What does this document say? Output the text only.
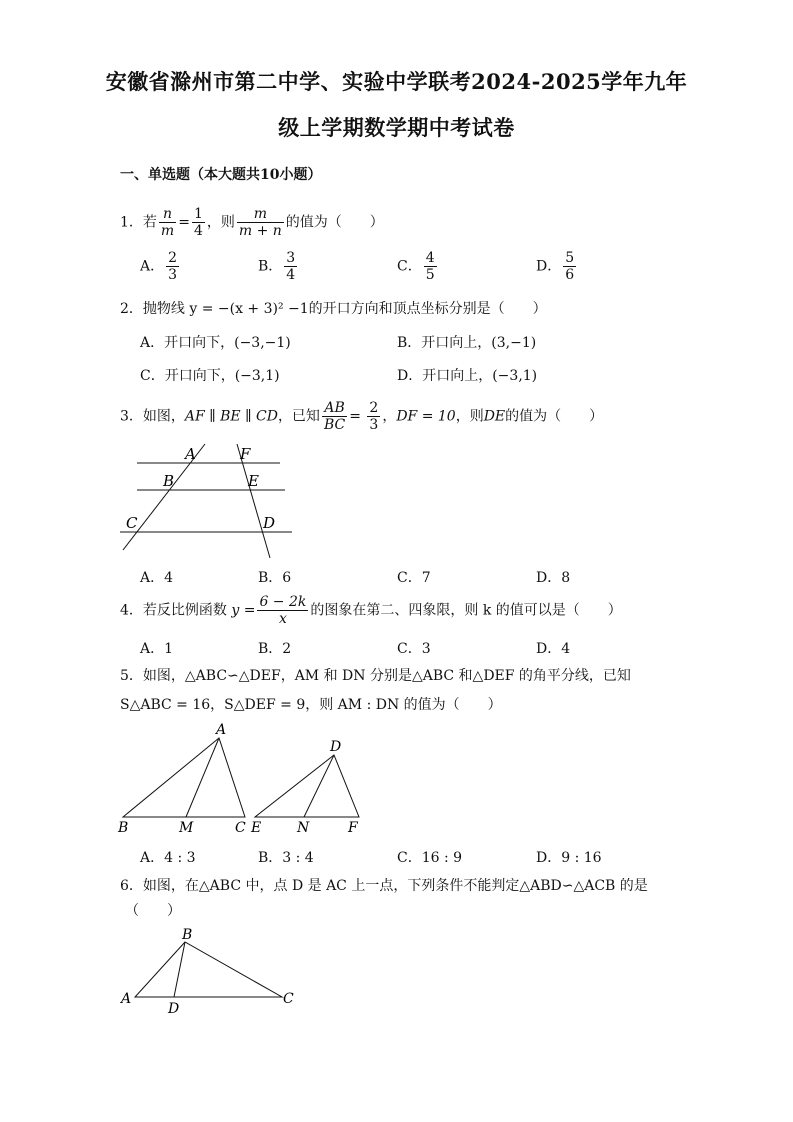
安徽省滁州市第二中学、实验中学联考2024-2025学年九年
级上学期数学期中考试卷
一、单选题（本大题共10小题）
1．若 $\frac{n}{m} = \frac{1}{4}$ ，则 $\frac{m}{m + n}$ 的值为（　　）
A． $\frac{2}{3}$	B． $\frac{3}{4}$	C． $\frac{4}{5}$	D． $\frac{5}{6}$
2．抛物线 y = −(x + 3)² −1的开口方向和顶点坐标分别是（　　）
A．开口向下，(−3,−1)	B．开口向上，(3,−1)
C．开口向下，(−3,1)	D．开口向上，(−3,1)
3．如图，AF ∥ BE ∥ CD，已知 $\frac{AB}{BC} = \frac{2}{3}$ ，DF = 10，则DE的值为（　　）
A	F
B	E
C	D
A．4	B．6	C．7	D．8
4．若反比例函数 $y = \frac{6 - 2k}{x}$ 的图象在第二、四象限，则 k 的值可以是（　　）
A．1	B．2	C．3	D．4
5．如图，△ABC∽△DEF，AM 和 DN 分别是△ABC 和△DEF 的角平分线，已知
S△ABC = 16，S△DEF = 9，则 AM : DN 的值为（　　）
A
B	M	C
D
E	N	F
A．4 : 3	B．3 : 4	C．16 : 9	D．9 : 16
6．如图，在△ABC 中，点 D 是 AC 上一点，下列条件不能判定△ABD∽△ACB 的是
（　　）
B
A
D
C
